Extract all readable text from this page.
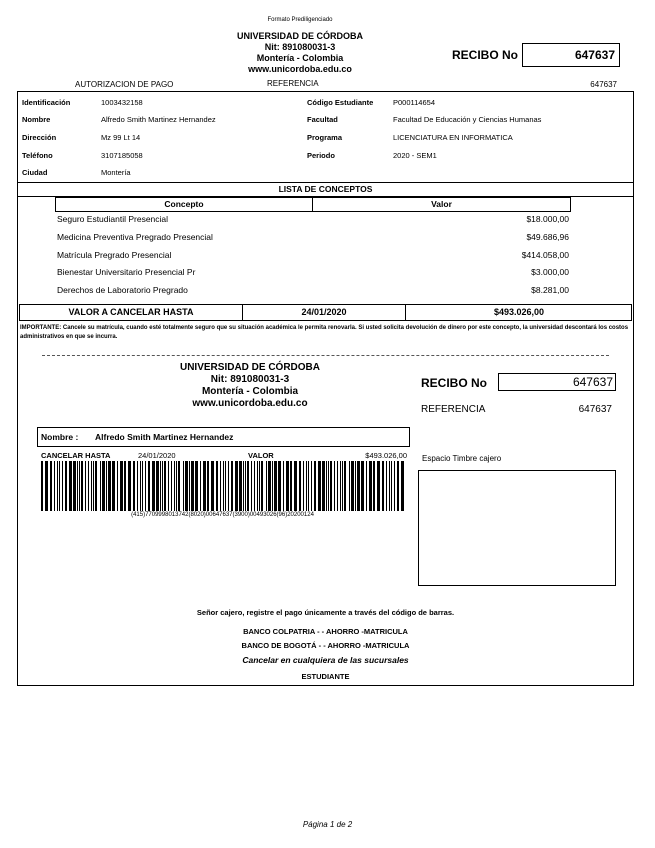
Formato Prediligenciado
UNIVERSIDAD DE CÓRDOBA
Nit: 891080031-3
Montería - Colombia
www.unicordoba.edu.co
RECIBO No	647637
AUTORIZACION DE PAGO	REFERENCIA	647637
Identificación	1003432158
Nombre	Alfredo Smith Martinez Hernandez
Dirección	Mz 99 Lt 14
Teléfono	3107185058
Ciudad	Montería
Código Estudiante	P000114654
Facultad	Facultad De Educación y Ciencias Humanas
Programa	LICENCIATURA EN INFORMATICA
Periodo	2020 - SEM1
LISTA DE CONCEPTOS
Concepto	Valor
Seguro Estudiantil Presencial	$18.000,00
Medicina Preventiva Pregrado Presencial	$49.686,96
Matrícula Pregrado Presencial	$414.058,00
Bienestar Universitario Presencial Pr	$3.000,00
Derechos de Laboratorio Pregrado	$8.281,00
VALOR A CANCELAR HASTA	24/01/2020	$493.026,00
IMPORTANTE: Cancele su matrícula, cuando esté totalmente seguro que su situación académica le permita renovarla. Si usted solicita devolución de dinero por este concepto, la universidad descontará los costos administrativos en que se incurra.
UNIVERSIDAD DE CÓRDOBA
Nit: 891080031-3
Montería - Colombia
www.unicordoba.edu.co
RECIBO No	647637
REFERENCIA	647637
Nombre : Alfredo Smith Martinez Hernandez
CANCELAR HASTA	24/01/2020	VALOR	$493.026,00
(415)7709998013742(8020)00647637(3900)00493026(96)20200124
Espacio Timbre cajero
Señor cajero, registre el pago únicamente a través del código de barras.
BANCO COLPATRIA - - AHORRO -MATRICULA
BANCO DE BOGOTÁ - - AHORRO -MATRICULA
Cancelar en cualquiera de las sucursales
ESTUDIANTE
Página 1 de 2
